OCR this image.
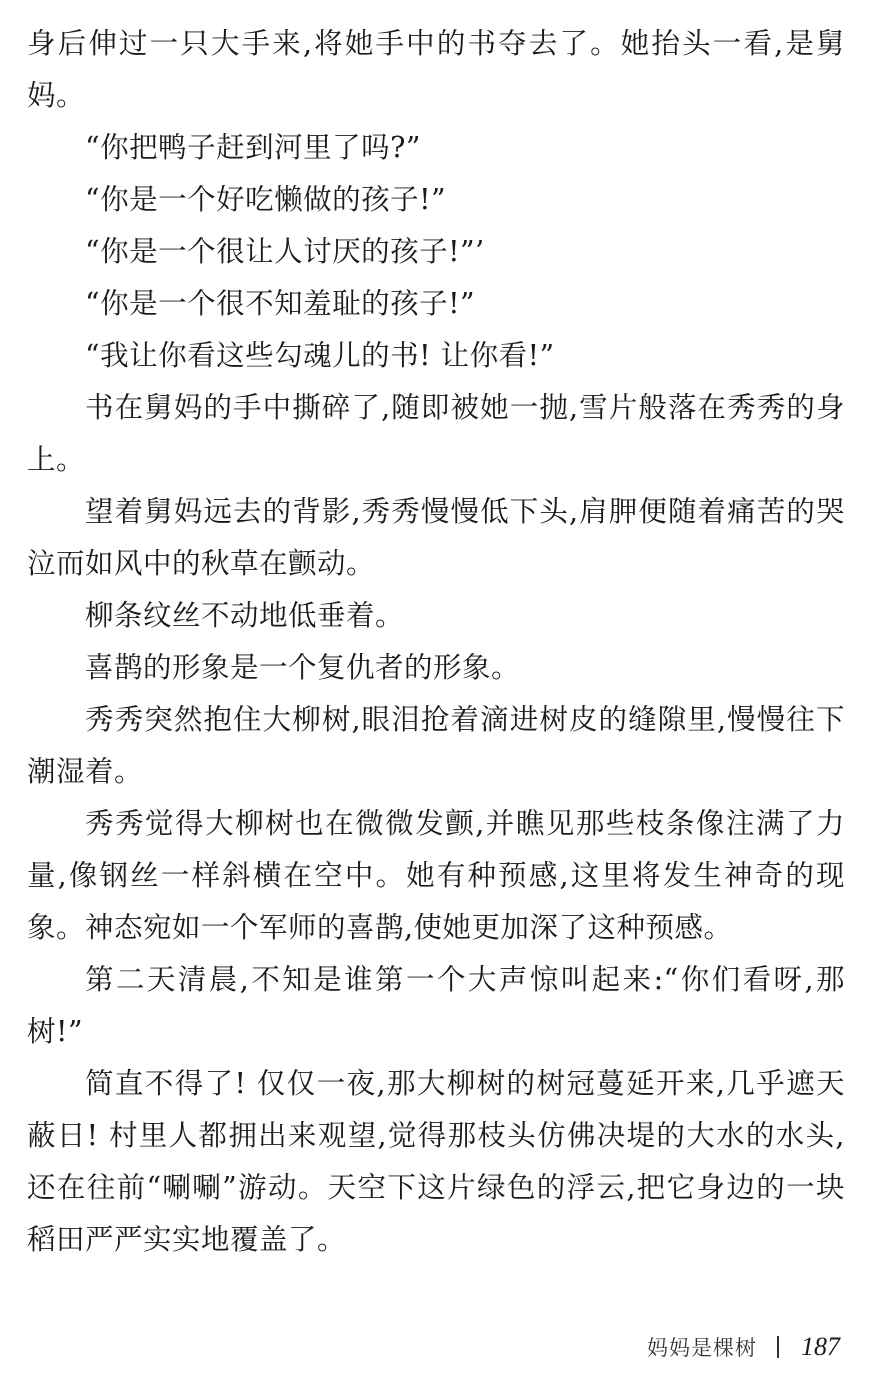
身后伸过一只大手来,将她手中的书夺去了。她抬头一看,是舅妈。

“你把鸭子赶到河里了吗?”

“你是一个好吃懒做的孩子!”

“你是一个很让人讨厌的孩子!”’

“你是一个很不知羞耻的孩子!”

“我让你看这些勾魂儿的书! 让你看!”

书在舅妈的手中撕碎了,随即被她一抛,雪片般落在秀秀的身上。

望着舅妈远去的背影,秀秀慢慢低下头,肩胛便随着痛苦的哭泣而如风中的秋草在颤动。

柳条纹丝不动地低垂着。

喜鹊的形象是一个复仇者的形象。

秀秀突然抱住大柳树,眼泪抢着滴进树皮的缝隙里,慢慢往下潮湿着。

秀秀觉得大柳树也在微微发颤,并瞧见那些枝条像注满了力量,像钢丝一样斜横在空中。她有种预感,这里将发生神奇的现象。神态宛如一个军师的喜鹊,使她更加深了这种预感。

第二天清晨,不知是谁第一个大声惊叫起来:“你们看呀,那树!”

简直不得了! 仅仅一夜,那大柳树的树冠蔓延开来,几乎遮天蔽日! 村里人都拥出来观望,觉得那枝头仿佛决堤的大水的水头,还在往前“唰唰”游动。天空下这片绿色的浮云,把它身边的一块稻田严严实实地覆盖了。

妈妈是棵树 187
